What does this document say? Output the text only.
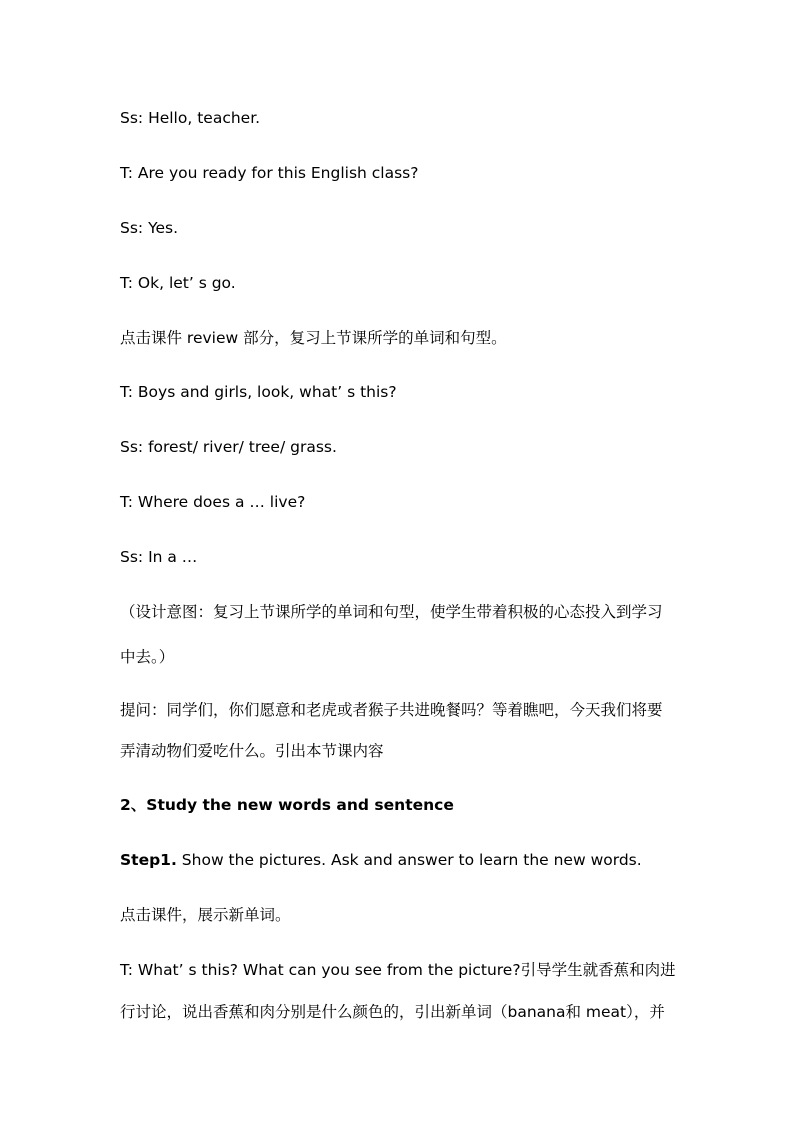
Ss: Hello, teacher.
T: Are you ready for this English class?
Ss: Yes.
T: Ok, let’ s go.
点击课件 review 部分，复习上节课所学的单词和句型。
T: Boys and girls, look, what’ s this?
Ss: forest/ river/ tree/ grass.
T: Where does a … live?
Ss: In a …
（设计意图：复习上节课所学的单词和句型，使学生带着积极的心态投入到学习
中去。）
提问：同学们，你们愿意和老虎或者猴子共进晚餐吗？等着瞧吧，今天我们将要
弄清动物们爱吃什么。引出本节课内容
2、Study the new words and sentence
Step1. Show the pictures. Ask and answer to learn the new words.
点击课件，展示新单词。
T: What’ s this? What can you see from the picture?引导学生就香蕉和肉进
行讨论，说出香蕉和肉分别是什么颜色的，引出新单词（banana和 meat），并
